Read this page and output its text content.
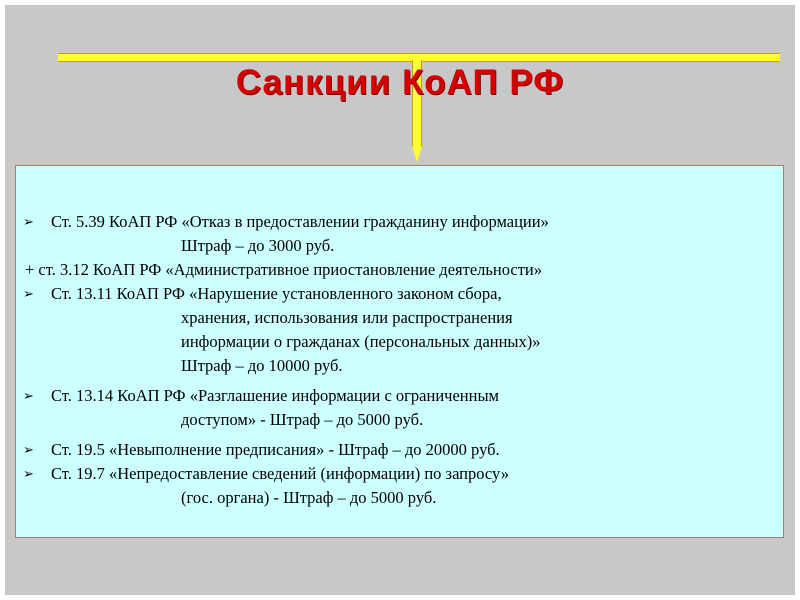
Санкции КоАП РФ
➢ Ст. 5.39 КоАП РФ «Отказ в предоставлении гражданину информации»
Штраф – до 3000 руб.
+ ст. 3.12 КоАП РФ «Административное приостановление деятельности»
➢ Ст. 13.11 КоАП РФ «Нарушение установленного законом сбора,
хранения, использования или распространения
информации о гражданах (персональных данных)»
Штраф – до 10000 руб.
➢ Ст. 13.14 КоАП РФ «Разглашение информации с ограниченным
доступом» - Штраф – до 5000 руб.
➢ Ст. 19.5 «Невыполнение предписания» - Штраф – до 20000 руб.
➢ Ст. 19.7 «Непредоставление сведений (информации) по запросу»
(гос. органа) - Штраф – до 5000 руб.
